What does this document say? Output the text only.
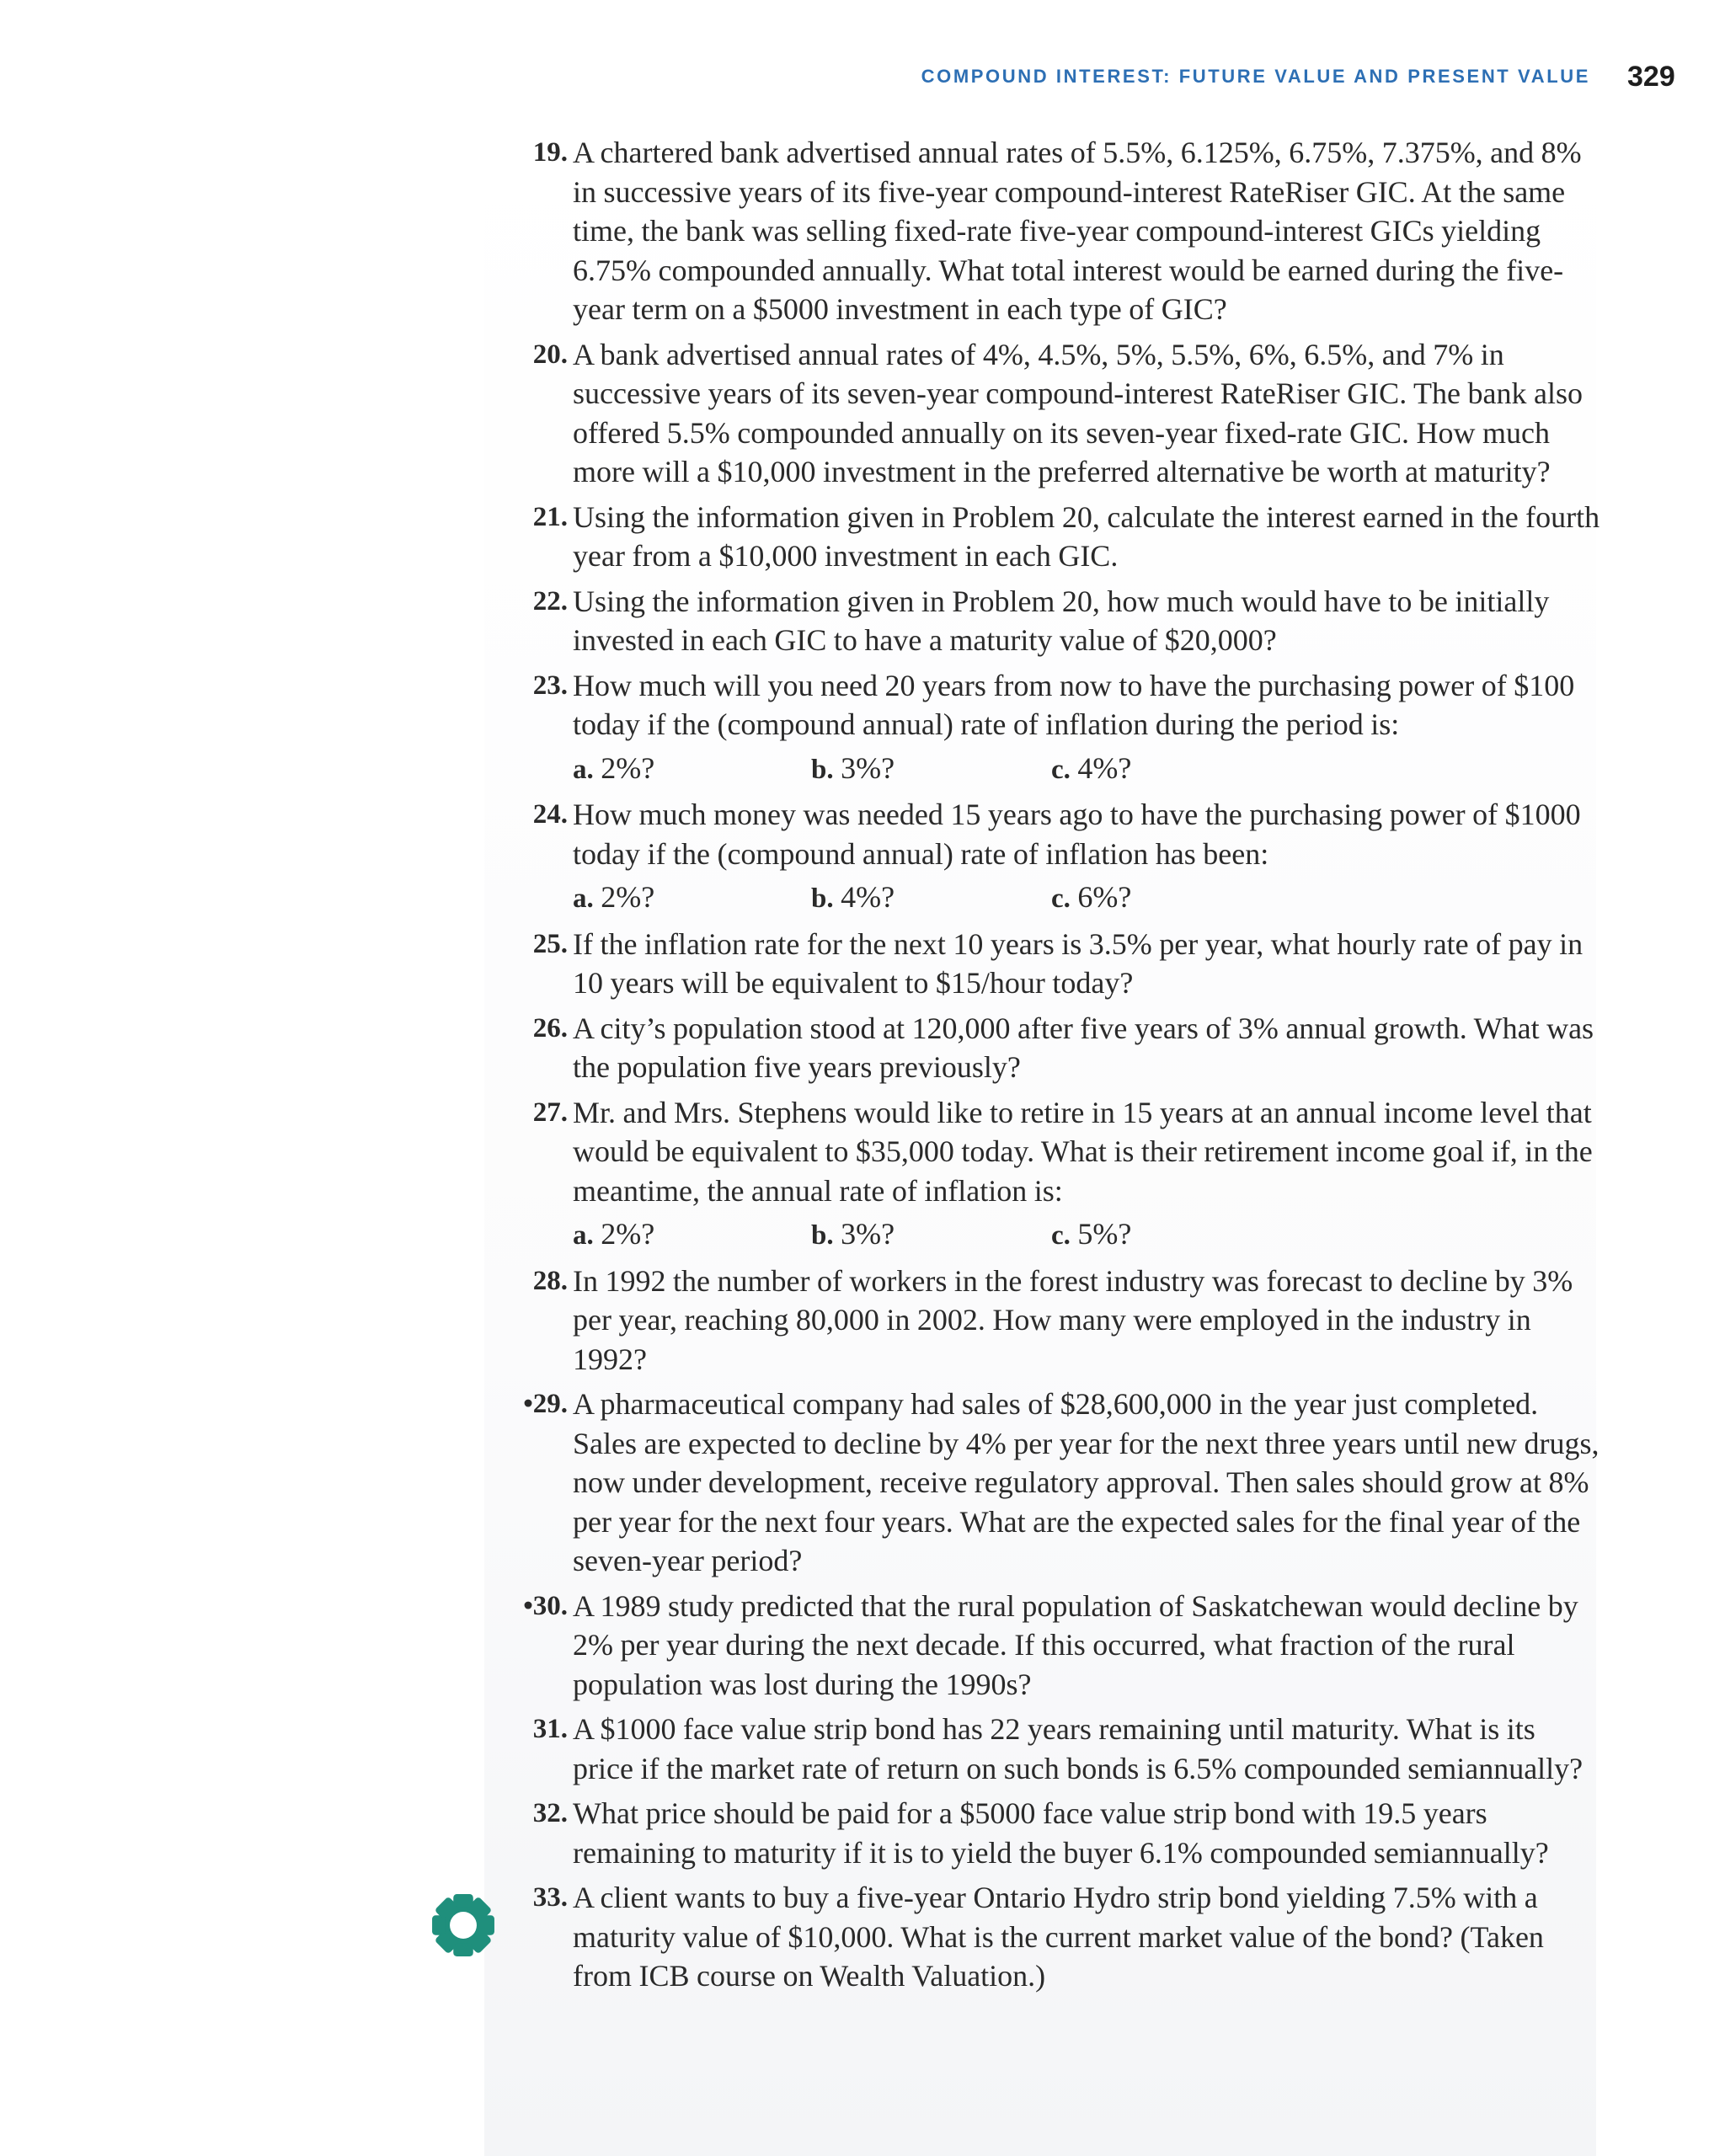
COMPOUND INTEREST: FUTURE VALUE AND PRESENT VALUE 329
19. A chartered bank advertised annual rates of 5.5%, 6.125%, 6.75%, 7.375%, and 8% in successive years of its five-year compound-interest RateRiser GIC. At the same time, the bank was selling fixed-rate five-year compound-interest GICs yielding 6.75% compounded annually. What total interest would be earned during the five-year term on a $5000 investment in each type of GIC?
20. A bank advertised annual rates of 4%, 4.5%, 5%, 5.5%, 6%, 6.5%, and 7% in successive years of its seven-year compound-interest RateRiser GIC. The bank also offered 5.5% compounded annually on its seven-year fixed-rate GIC. How much more will a $10,000 investment in the preferred alternative be worth at maturity?
21. Using the information given in Problem 20, calculate the interest earned in the fourth year from a $10,000 investment in each GIC.
22. Using the information given in Problem 20, how much would have to be initially invested in each GIC to have a maturity value of $20,000?
23. How much will you need 20 years from now to have the purchasing power of $100 today if the (compound annual) rate of inflation during the period is:
a. 2%?	b. 3%?	c. 4%?
24. How much money was needed 15 years ago to have the purchasing power of $1000 today if the (compound annual) rate of inflation has been:
a. 2%?	b. 4%?	c. 6%?
25. If the inflation rate for the next 10 years is 3.5% per year, what hourly rate of pay in 10 years will be equivalent to $15/hour today?
26. A city’s population stood at 120,000 after five years of 3% annual growth. What was the population five years previously?
27. Mr. and Mrs. Stephens would like to retire in 15 years at an annual income level that would be equivalent to $35,000 today. What is their retirement income goal if, in the meantime, the annual rate of inflation is:
a. 2%?	b. 3%?	c. 5%?
28. In 1992 the number of workers in the forest industry was forecast to decline by 3% per year, reaching 80,000 in 2002. How many were employed in the industry in 1992?
•29. A pharmaceutical company had sales of $28,600,000 in the year just completed. Sales are expected to decline by 4% per year for the next three years until new drugs, now under development, receive regulatory approval. Then sales should grow at 8% per year for the next four years. What are the expected sales for the final year of the seven-year period?
•30. A 1989 study predicted that the rural population of Saskatchewan would decline by 2% per year during the next decade. If this occurred, what fraction of the rural population was lost during the 1990s?
31. A $1000 face value strip bond has 22 years remaining until maturity. What is its price if the market rate of return on such bonds is 6.5% compounded semiannually?
32. What price should be paid for a $5000 face value strip bond with 19.5 years remaining to maturity if it is to yield the buyer 6.1% compounded semiannually?
33. A client wants to buy a five-year Ontario Hydro strip bond yielding 7.5% with a maturity value of $10,000. What is the current market value of the bond? (Taken from ICB course on Wealth Valuation.)
